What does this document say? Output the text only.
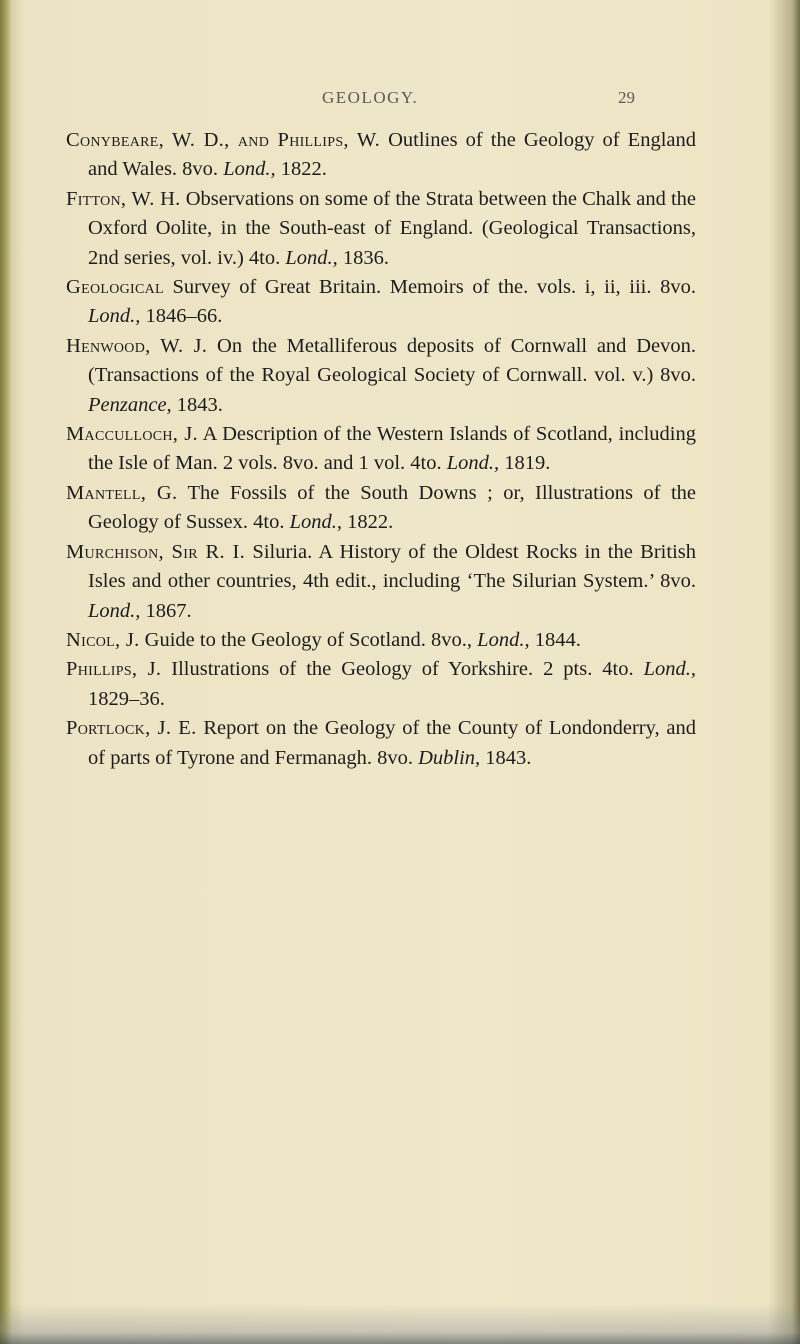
GEOLOGY.	29

Conybeare, W. D., and Phillips, W. Outlines of the Geology of England and Wales. 8vo. Lond., 1822.

Fitton, W. H. Observations on some of the Strata between the Chalk and the Oxford Oolite, in the South-east of England. (Geological Transactions, 2nd series, vol. iv.) 4to. Lond., 1836.

Geological Survey of Great Britain. Memoirs of the. vols. i, ii, iii. 8vo. Lond., 1846–66.

Henwood, W. J. On the Metalliferous deposits of Cornwall and Devon. (Transactions of the Royal Geological Society of Cornwall. vol. v.) 8vo. Penzance, 1843.

Macculloch, J. A Description of the Western Islands of Scotland, including the Isle of Man. 2 vols. 8vo. and 1 vol. 4to. Lond., 1819.

Mantell, G. The Fossils of the South Downs ; or, Illustrations of the Geology of Sussex. 4to. Lond., 1822.

Murchison, Sir R. I. Siluria. A History of the Oldest Rocks in the British Isles and other countries, 4th edit., including ‘The Silurian System.’ 8vo. Lond., 1867.

Nicol, J. Guide to the Geology of Scotland. 8vo., Lond., 1844.

Phillips, J. Illustrations of the Geology of Yorkshire. 2 pts. 4to. Lond., 1829–36.

Portlock, J. E. Report on the Geology of the County of Londonderry, and of parts of Tyrone and Fermanagh. 8vo. Dublin, 1843.
